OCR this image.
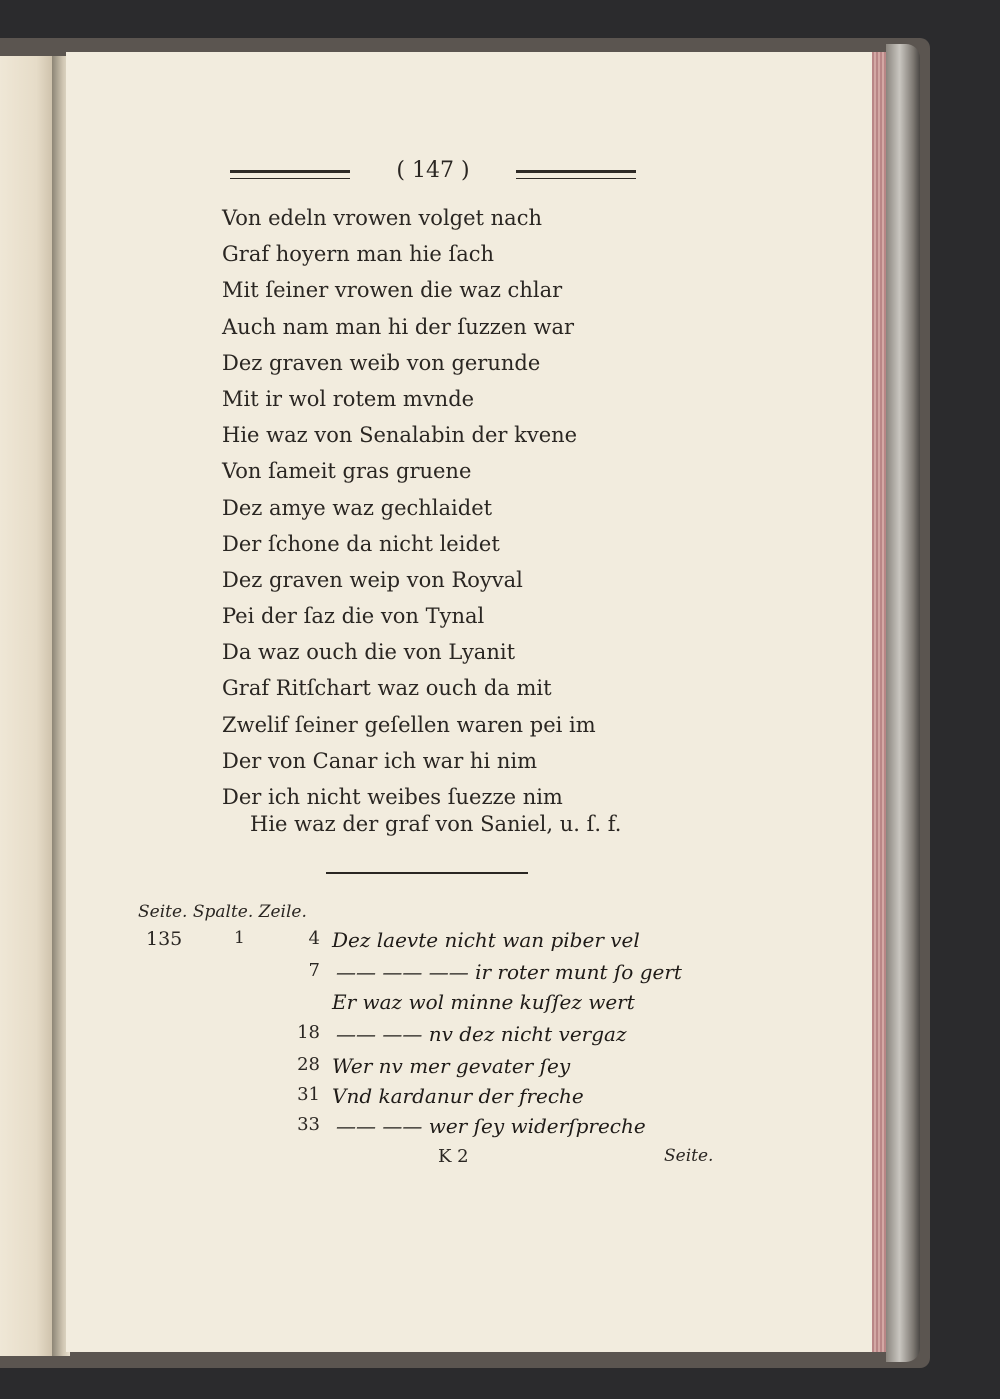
( 147 )
Von edeln vrowen volget nach
Graf hoyern man hie ſach
Mit ſeiner vrowen die waz chlar
Auch nam man hi der ſuzzen war
Dez graven weib von gerunde
Mit ir wol rotem mvnde
Hie waz von Senalabin der kvene
Von ſameit gras gruene
Dez amye waz gechlaidet
Der ſchone da nicht leidet
Dez graven weip von Royval
Pei der ſaz die von Tynal
Da waz ouch die von Lyanit
Graf Ritſchart waz ouch da mit
Zwelif ſeiner geſellen waren pei im
Der von Canar ich war hi nim
Der ich nicht weibes ſuezze nim
Hie waz der graf von Saniel, u. ſ. f.
Seite. Spalte. Zeile.
135	1	4 Dez laevte nicht wan piber vel
7 —— —— —— ir roter munt ſo gert
Er waz wol minne kuſſez wert
18 —— —— nv dez nicht vergaz
28 Wer nv mer gevater ſey
31 Vnd kardanur der freche
33 —— —— wer ſey widerſpreche
K 2	Seite.
